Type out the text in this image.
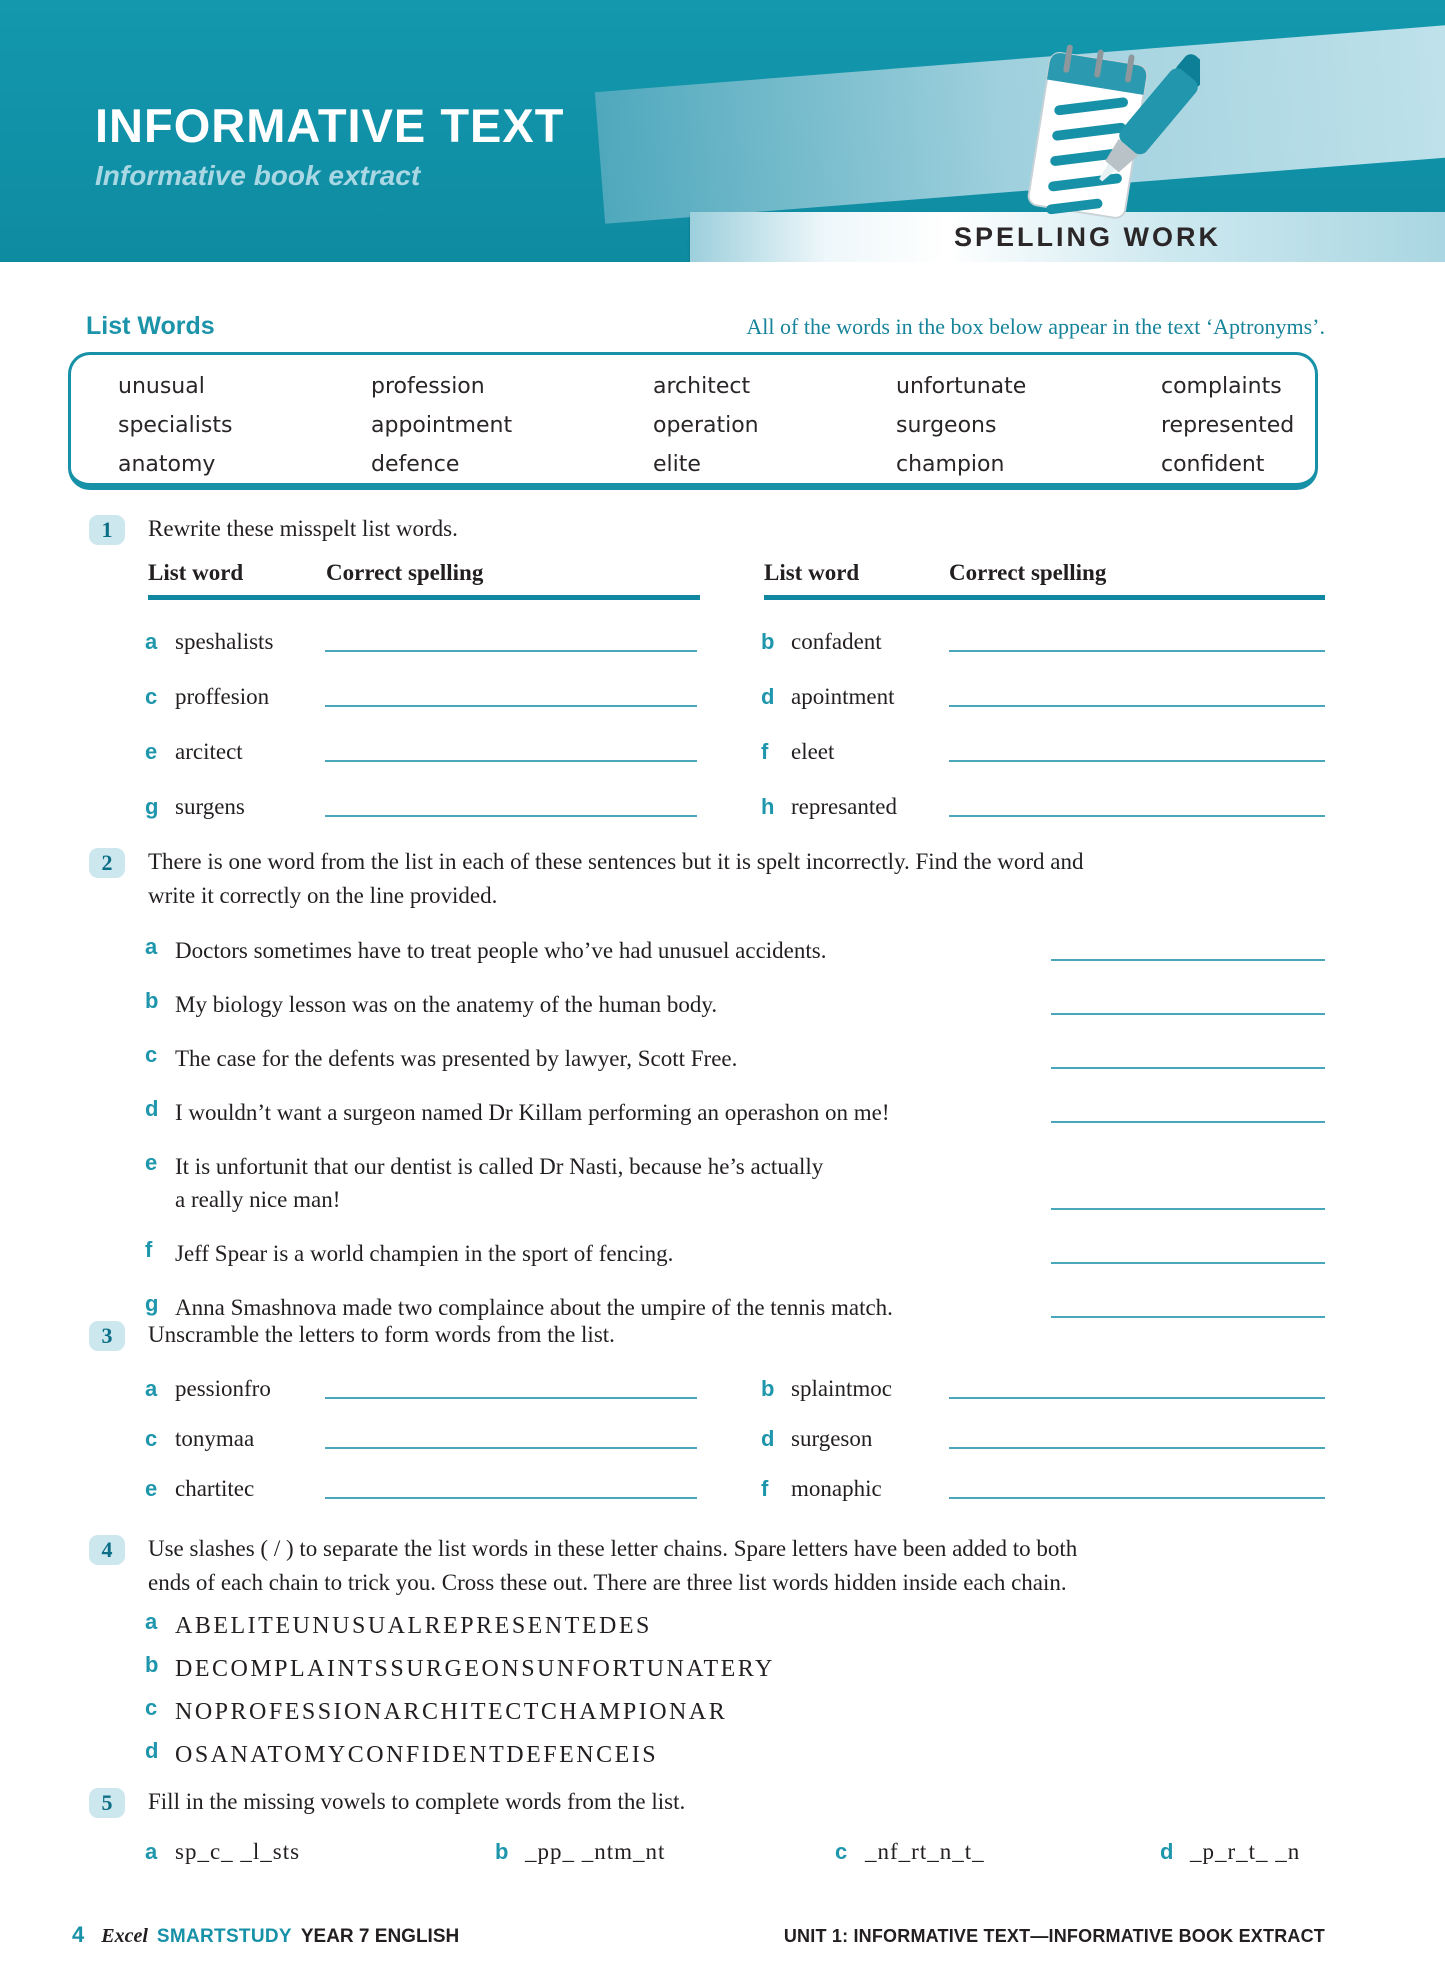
INFORMATIVE TEXT
Informative book extract
SPELLING WORK
List Words	All of the words in the box below appear in the text ‘Aptronyms’.
unusual	profession	architect	unfortunate	complaints
specialists	appointment	operation	surgeons	represented
anatomy	defence	elite	champion	confident
1	Rewrite these misspelt list words.
List word	Correct spelling
a speshalists
c proffesion
e arcitect
g surgens
List word	Correct spelling
b confadent
d apointment
f eleet
h represanted
2	There is one word from the list in each of these sentences but it is spelt incorrectly. Find the word and
write it correctly on the line provided.
a Doctors sometimes have to treat people who’ve had unusuel accidents.
b My biology lesson was on the anatemy of the human body.
c The case for the defents was presented by lawyer, Scott Free.
d I wouldn’t want a surgeon named Dr Killam performing an operashon on me!
e It is unfortunit that our dentist is called Dr Nasti, because he’s actually
a really nice man!
f Jeff Spear is a world champien in the sport of fencing.
g Anna Smashnova made two complaince about the umpire of the tennis match.
3	Unscramble the letters to form words from the list.
a pessionfro
c tonymaa
e chartitec
b splaintmoc
d surgeson
f monaphic
4	Use slashes ( / ) to separate the list words in these letter chains. Spare letters have been added to both
ends of each chain to trick you. Cross these out. There are three list words hidden inside each chain.
a ABELITEUNUSUALREPRESENTEDES
b DECOMPLAINTSSURGEONSUNFORTUNATERY
c NOPROFESSIONARCHITECTCHAMPIONAR
d OSANATOMYCONFIDENTDEFENCEIS
5	Fill in the missing vowels to complete words from the list.
a sp_c_ _l_sts	b _pp_ _ntm_nt	c _nf_rt_n_t_	d _p_r_t_ _n
4 Excel SMARTSTUDY YEAR 7 ENGLISH	UNIT 1: INFORMATIVE TEXT—INFORMATIVE BOOK EXTRACT
